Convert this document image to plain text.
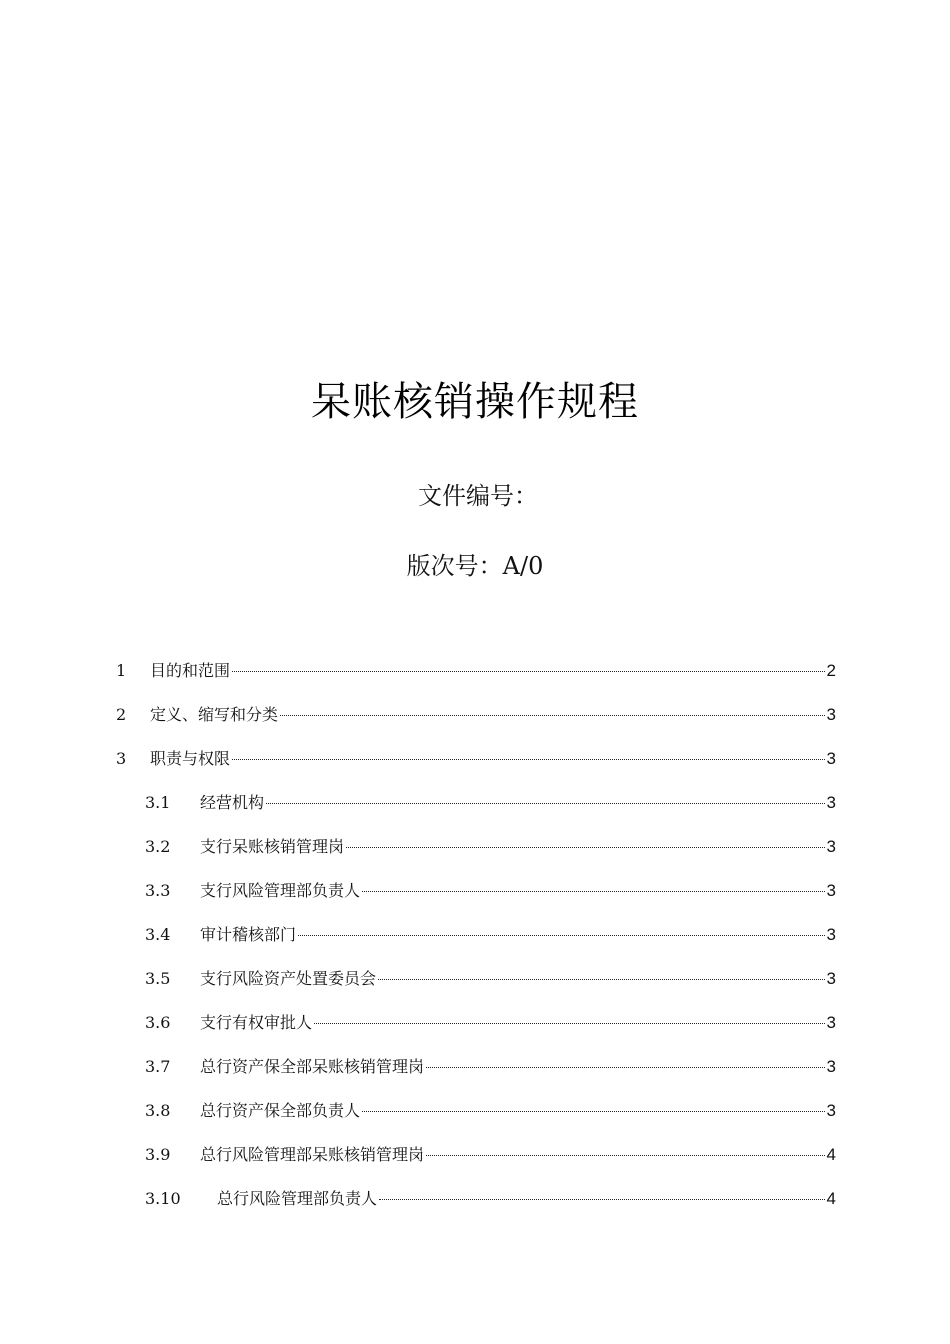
呆账核销操作规程
文件编号：
版次号：A/0
1	目的和范围	2
2	定义、缩写和分类	3
3	职责与权限	3
3.1	经营机构	3
3.2	支行呆账核销管理岗	3
3.3	支行风险管理部负责人	3
3.4	审计稽核部门	3
3.5	支行风险资产处置委员会	3
3.6	支行有权审批人	3
3.7	总行资产保全部呆账核销管理岗	3
3.8	总行资产保全部负责人	3
3.9	总行风险管理部呆账核销管理岗	4
3.10	总行风险管理部负责人	4
